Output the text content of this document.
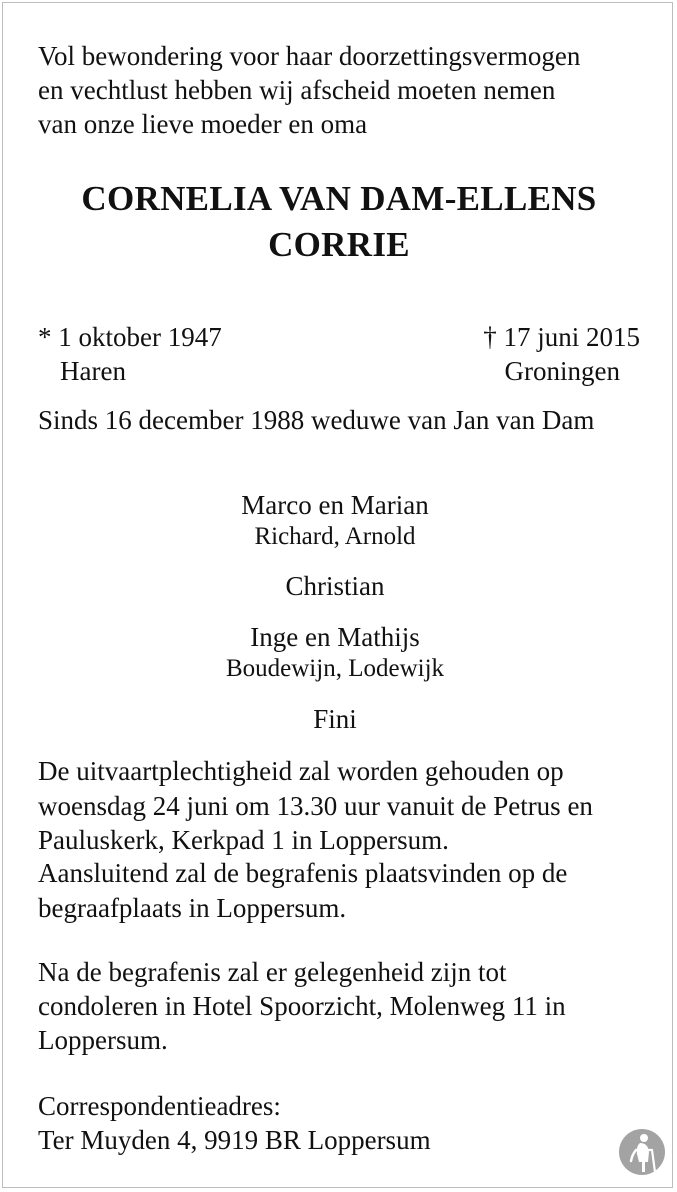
Vol bewondering voor haar doorzettingsvermogen
en vechtlust hebben wij afscheid moeten nemen
van onze lieve moeder en oma
CORNELIA VAN DAM-ELLENS
CORRIE
* 1 oktober 1947	† 17 juni 2015
Haren	Groningen
Sinds 16 december 1988 weduwe van Jan van Dam
Marco en Marian
Richard, Arnold
Christian
Inge en Mathijs
Boudewijn, Lodewijk
Fini
De uitvaartplechtigheid zal worden gehouden op
woensdag 24 juni om 13.30 uur vanuit de Petrus en
Pauluskerk, Kerkpad 1 in Loppersum.
Aansluitend zal de begrafenis plaatsvinden op de
begraafplaats in Loppersum.
Na de begrafenis zal er gelegenheid zijn tot
condoleren in Hotel Spoorzicht, Molenweg 11 in
Loppersum.
Correspondentieadres:
Ter Muyden 4, 9919 BR Loppersum
